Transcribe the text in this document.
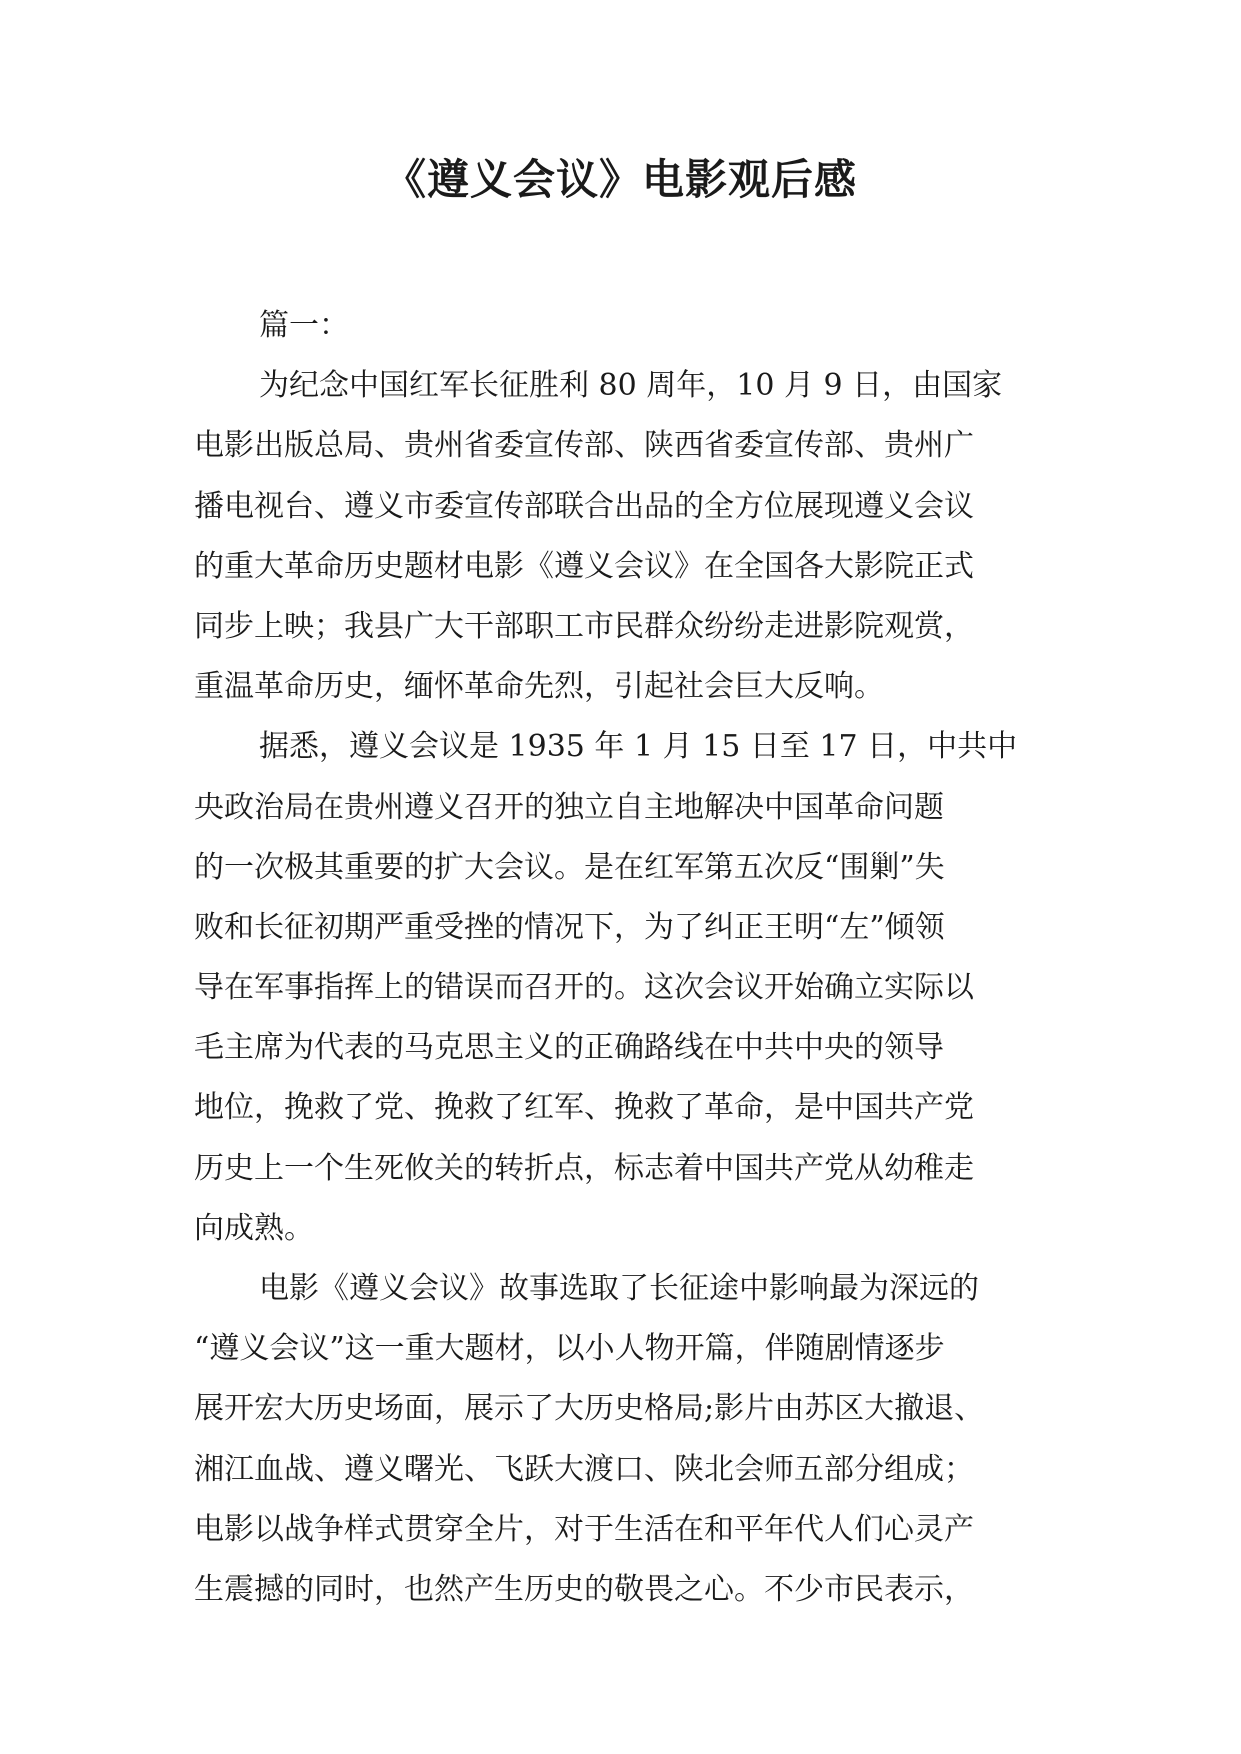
《遵义会议》电影观后感
篇一：
为纪念中国红军长征胜利 80 周年，10 月 9 日，由国家
电影出版总局、贵州省委宣传部、陕西省委宣传部、贵州广
播电视台、遵义市委宣传部联合出品的全方位展现遵义会议
的重大革命历史题材电影《遵义会议》在全国各大影院正式
同步上映；我县广大干部职工市民群众纷纷走进影院观赏，
重温革命历史，缅怀革命先烈，引起社会巨大反响。
据悉，遵义会议是 1935 年 1 月 15 日至 17 日，中共中
央政治局在贵州遵义召开的独立自主地解决中国革命问题
的一次极其重要的扩大会议。是在红军第五次反“围剿”失
败和长征初期严重受挫的情况下，为了纠正王明“左”倾领
导在军事指挥上的错误而召开的。这次会议开始确立实际以
毛主席为代表的马克思主义的正确路线在中共中央的领导
地位，挽救了党、挽救了红军、挽救了革命，是中国共产党
历史上一个生死攸关的转折点，标志着中国共产党从幼稚走
向成熟。
电影《遵义会议》故事选取了长征途中影响最为深远的
“遵义会议”这一重大题材，以小人物开篇，伴随剧情逐步
展开宏大历史场面，展示了大历史格局;影片由苏区大撤退、
湘江血战、遵义曙光、飞跃大渡口、陕北会师五部分组成；
电影以战争样式贯穿全片，对于生活在和平年代人们心灵产
生震撼的同时，也然产生历史的敬畏之心。不少市民表示，
